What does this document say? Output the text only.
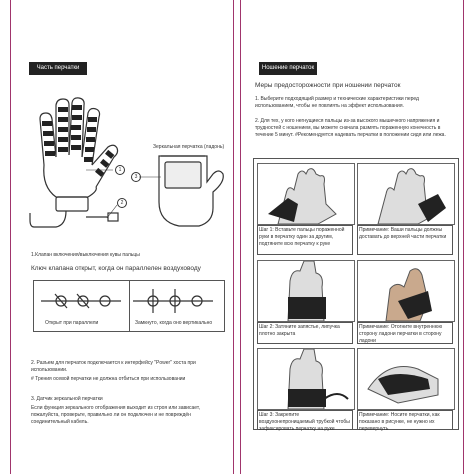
Часть перчатки
1
2
3
Зеркальная перчатка (ладонь)
1.Клапан включения/выключения кувы пальцы
Ключ клапана открыт, когда он параллелен воздуховоду
Открыт при параллели	Замкнуто, когда оно вертикально
2. Разъем для перчаток подключается к интерфейсу "Power" хоста при использовании.
# Трения осевой перчатки не должна отбиться при использовании
3. Датчик зеркальной перчатки
Если функция зеркального отображения выходит из строя или зависает, пожалуйста, проверьте, правильно ли он подключен и не повреждён соединительный кабель.
Ношение перчаток
Меры предосторожности при ношении перчаток
1. Выберите подходящий размер и технические характеристики перед использованием, чтобы не повлиять на эффект использования.
2. Для тех, у кого негнущиеся пальцы из-за высокого мышечного напряжения и трудностей с ношением, вы можете сначала размять пораженную конечность в течение 5 минут. #Рекомендуется надевать перчатки в положении сидя или лежа.
Шаг 1: Вставьте пальцы пораженной руки в перчатку один за другим, подтяните всю перчатку к руке
Примечание: Ваши пальцы должны доставать до верхней части перчатки
Шаг 2: Затяните запястье, липучка плотно закрыта
Примечание: Отогните внутреннюю сторону ладони перчатки в сторону ладони
Шаг 3: Закрепите воздухонепроницаемый трубкой чтобы зафиксировать перчатку на руке
Примечание: Носите перчатки, как показано в рисунке, не нужно их перевернуть
